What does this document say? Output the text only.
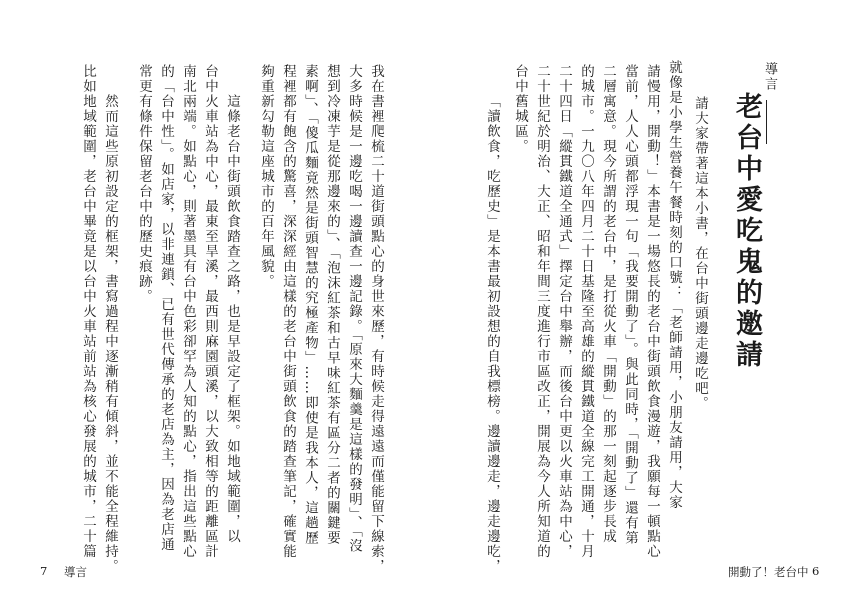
導言
老台中愛吃鬼的邀請
請大家帶著這本小書，在台中街頭邊走邊吃吧。
就像是小學生營養午餐時刻的口號：「老師請用，小朋友請用，大家
請慢用，開動！」本書是一場悠長的老台中街頭飲食漫遊，我願每一頓點心
當前，人人心頭都浮現一句「我要開動了」。與此同時，「開動了」還有第
二層寓意。現今所謂的老台中，是打從火車「開動」的那一刻起逐步長成
的城市。一九〇八年四月二十日基隆至高雄的縱貫鐵道全線完工開通，十月
二十四日「縱貫鐵道全通式」擇定台中舉辦，而後台中更以火車站為中心，
二十世紀於明治、大正、昭和年間三度進行市區改正，開展為今人所知道的
台中舊城區。
「讀飲食，吃歷史」是本書最初設想的自我標榜。邊讀邊走，邊走邊吃，
我在書裡爬梳二十道街頭點心的身世來歷，有時候走得遠遠而僅能留下線索，
大多時候是一邊吃喝一邊讀查一邊記錄。「原來大麵羹是這樣的發明」、「沒
想到冷凍芋是從那邊來的」、「泡沫紅茶和古早味紅茶有區分二者的關鍵要
素啊」、「傻瓜麵竟然是街頭智慧的究極產物」……即使是我本人，這趟歷
程裡都有飽含的驚喜，深深經由這樣的老台中街頭飲食的踏查筆記，確實能
夠重新勾勒這座城市的百年風貌。
這條老台中街頭飲食踏查之路，也是早設定了框架。如地域範圍，以
台中火車站為中心，最東至旱溪，最西則麻園頭溪，以大致相等的距離區計
南北兩端。如點心，則著墨具有台中色彩卻罕為人知的點心，指出這些點心
的「台中性」。如店家，以非連鎖、已有世代傳承的老店為主，因為老店通
常更有條件保留老台中的歷史痕跡。
然而這些原初設定的框架，書寫過程中逐漸稍有傾斜，並不能全程維持。
比如地域範圍，老台中畢竟是以台中火車站前站為核心發展的城市，二十篇
7 導言	開動了！老台中 6
